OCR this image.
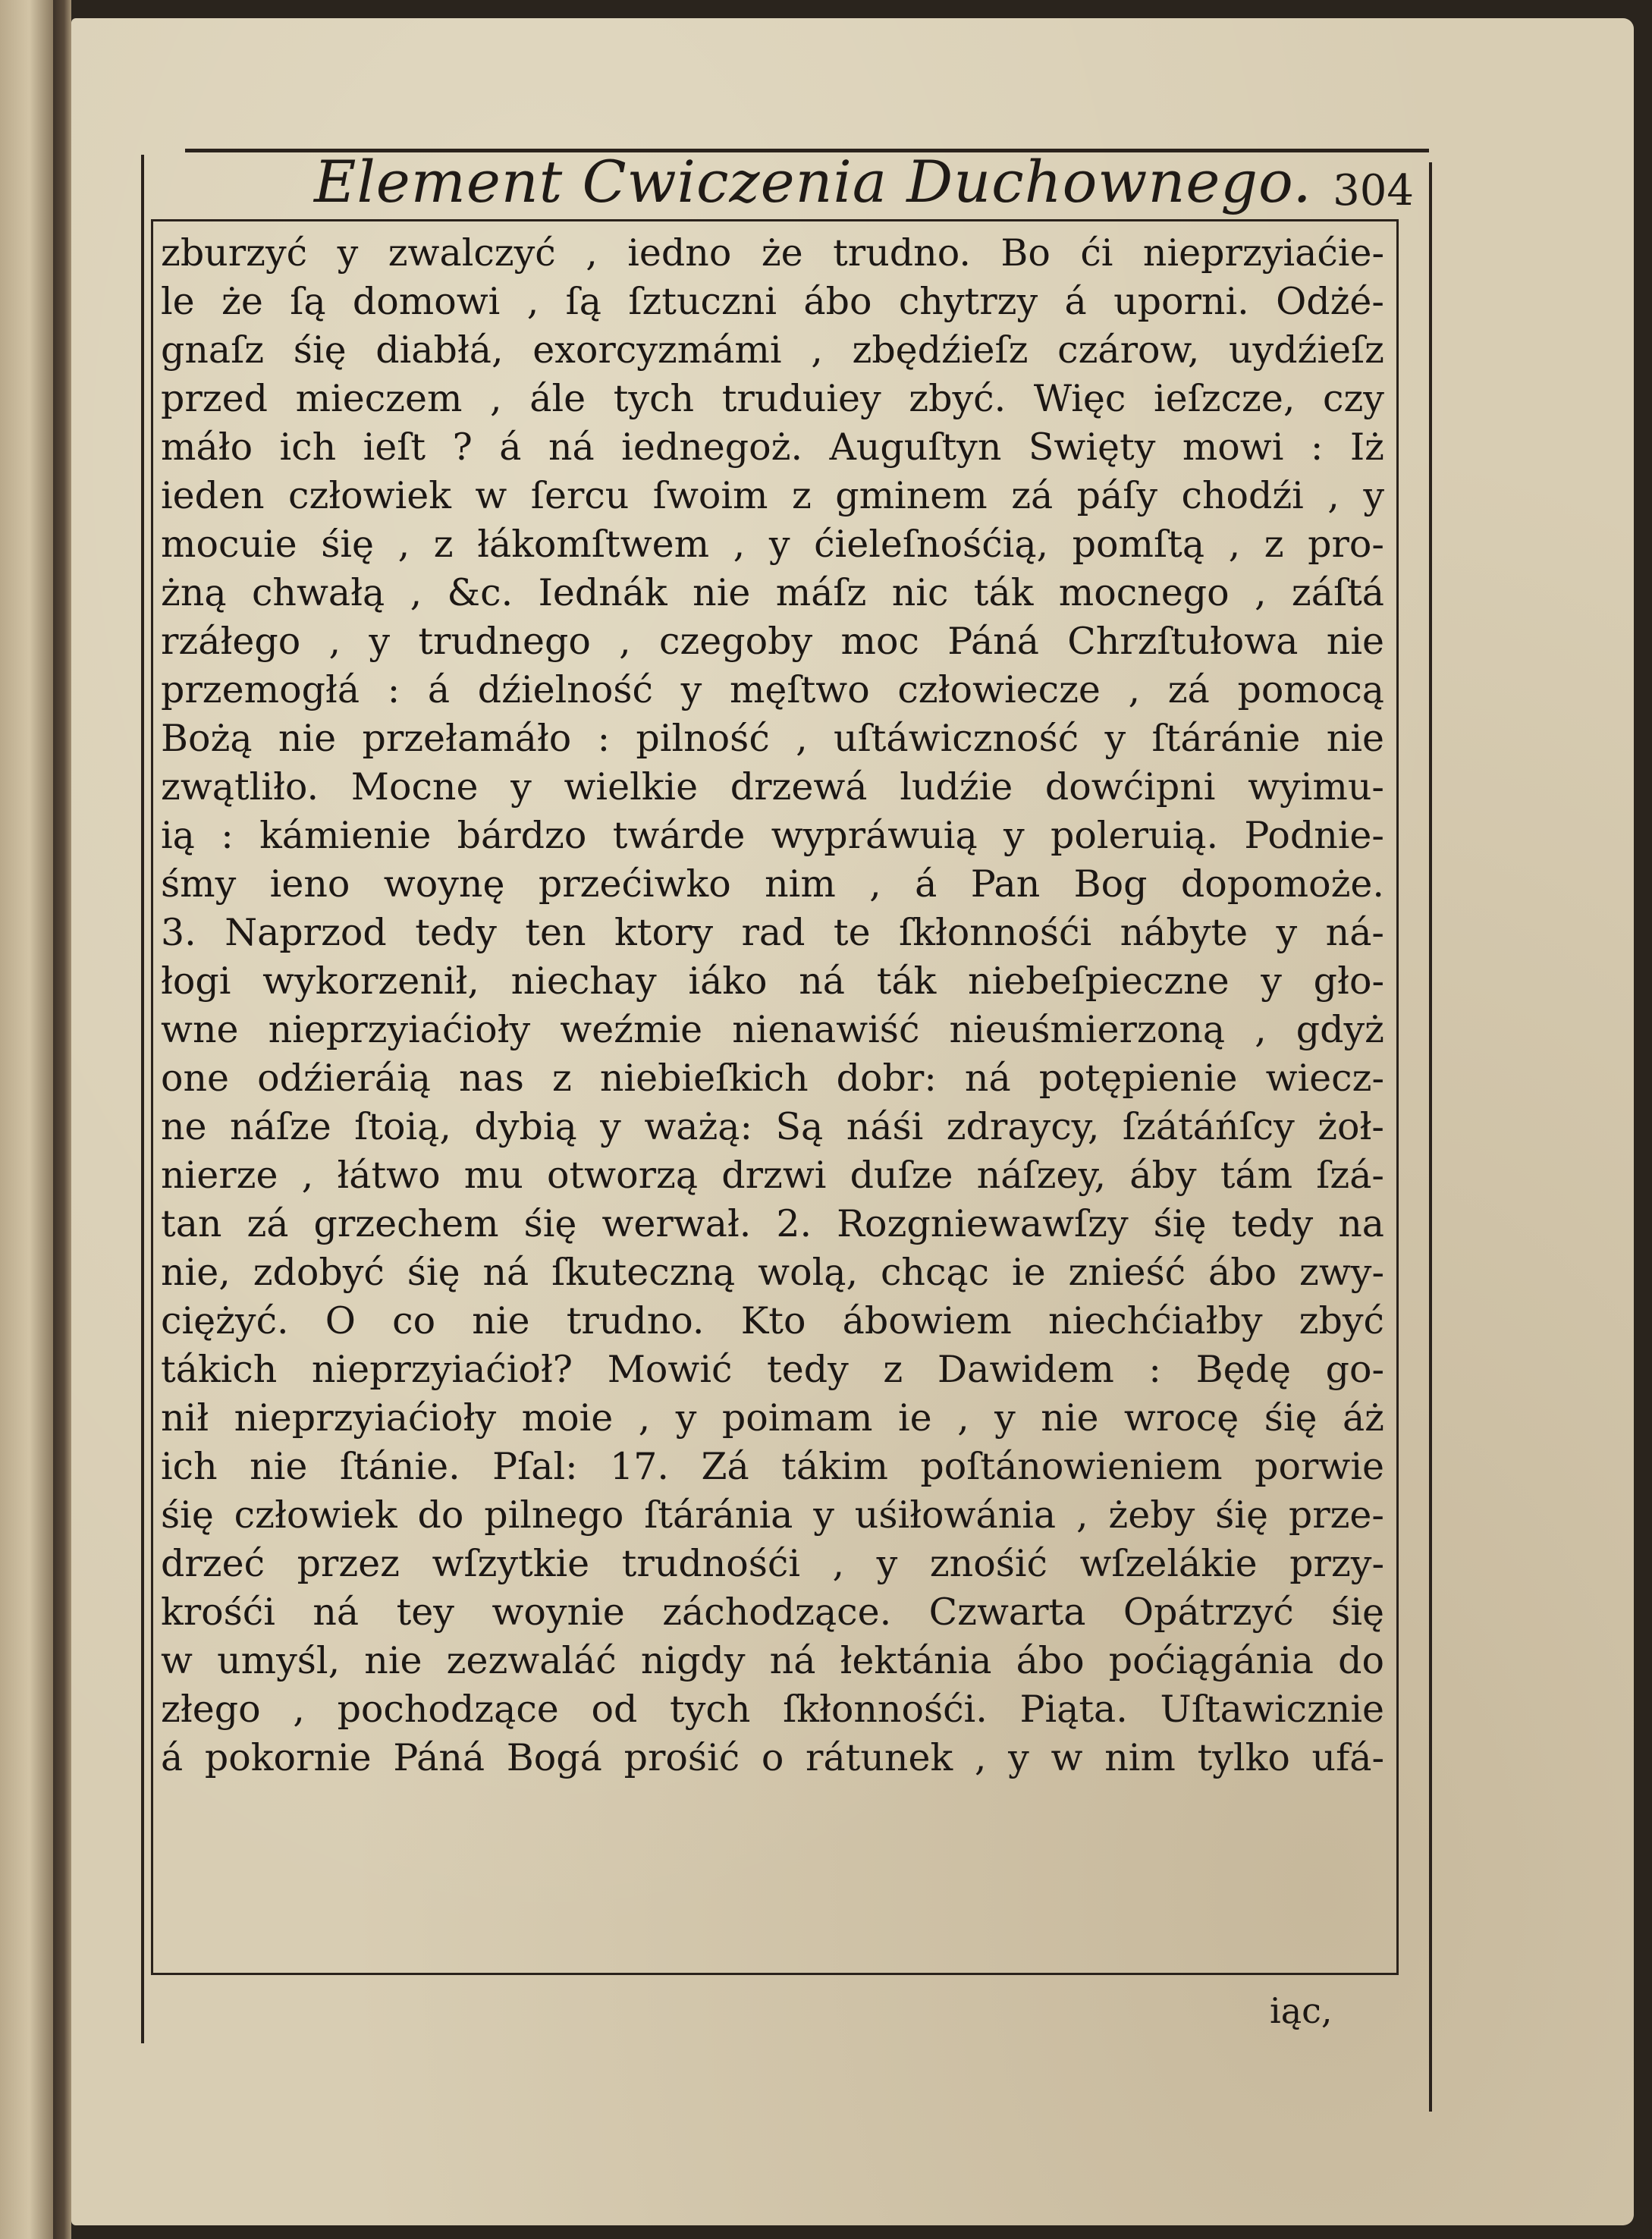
Element Cwiczenia Duchownego. 304
zburzyć y zwalczyć , iedno że trudno. Bo ći nieprzyiaćie-
le że ſą domowi , ſą ſztuczni ábo chytrzy á uporni. Odżé-
gnaſz śię diabłá, exorcyzmámi , zbędźieſz czárow, uydźieſz
przed mieczem , ále tych truduiey zbyć. Więc ieſzcze, czy
máło ich ieſt ? á ná iednegoż. Auguſtyn Swięty mowi : Iż
ieden człowiek w ſercu ſwoim z gminem zá páſy chodźi , y
mocuie śię , z łákomſtwem , y ćieleſnośćią, pomſtą , z pro-
żną chwałą , &c. Iednák nie máſz nic ták mocnego , záſtá
rzáłego , y trudnego , czegoby moc Páná Chrzſtułowa nie
przemogłá : á dźielność y męſtwo człowiecze , zá pomocą
Bożą nie przełamáło : pilność , uſtáwiczność y ſtáránie nie
zwątliło. Mocne y wielkie drzewá ludźie dowćipni wyimu-
ią : kámienie bárdzo twárde wypráwuią y poleruią. Podnie-
śmy ieno woynę przećiwko nim , á Pan Bog dopomoże.
3. Naprzod tedy ten ktory rad te ſkłonnośći nábyte y ná-
łogi wykorzenił, niechay iáko ná ták niebeſpieczne y gło-
wne nieprzyiaćioły weźmie nienawiść nieuśmierzoną , gdyż
one odźieráią nas z niebieſkich dobr: ná potępienie wiecz-
ne náſze ſtoią, dybią y ważą: Są náśi zdraycy, ſzátáńſcy żoł-
nierze , łátwo mu otworzą drzwi duſze náſzey, áby tám ſzá-
tan zá grzechem śię werwał. 2. Rozgniewawſzy śię tedy na
nie, zdobyć śię ná ſkuteczną wolą, chcąc ie znieść ábo zwy-
ciężyć. O co nie trudno. Kto ábowiem niechćiałby zbyć
tákich nieprzyiaćioł? Mowić tedy z Dawidem : Będę go-
nił nieprzyiaćioły moie , y poimam ie , y nie wrocę śię áż
ich nie ſtánie. Pſal: 17. Zá tákim poſtánowieniem porwie
śię człowiek do pilnego ſtáránia y uśiłowánia , żeby śię prze-
drzeć przez wſzytkie trudnośći , y znośić wſzelákie przy-
krośći ná tey woynie záchodzące. Czwarta Opátrzyć śię
w umyśl, nie zezwaláć nigdy ná łektánia ábo poćiągánia do
złego , pochodzące od tych ſkłonnośći. Piąta. Uſtawicznie
á pokornie Páná Bogá prośić o rátunek , y w nim tylko ufá-
iąc,
